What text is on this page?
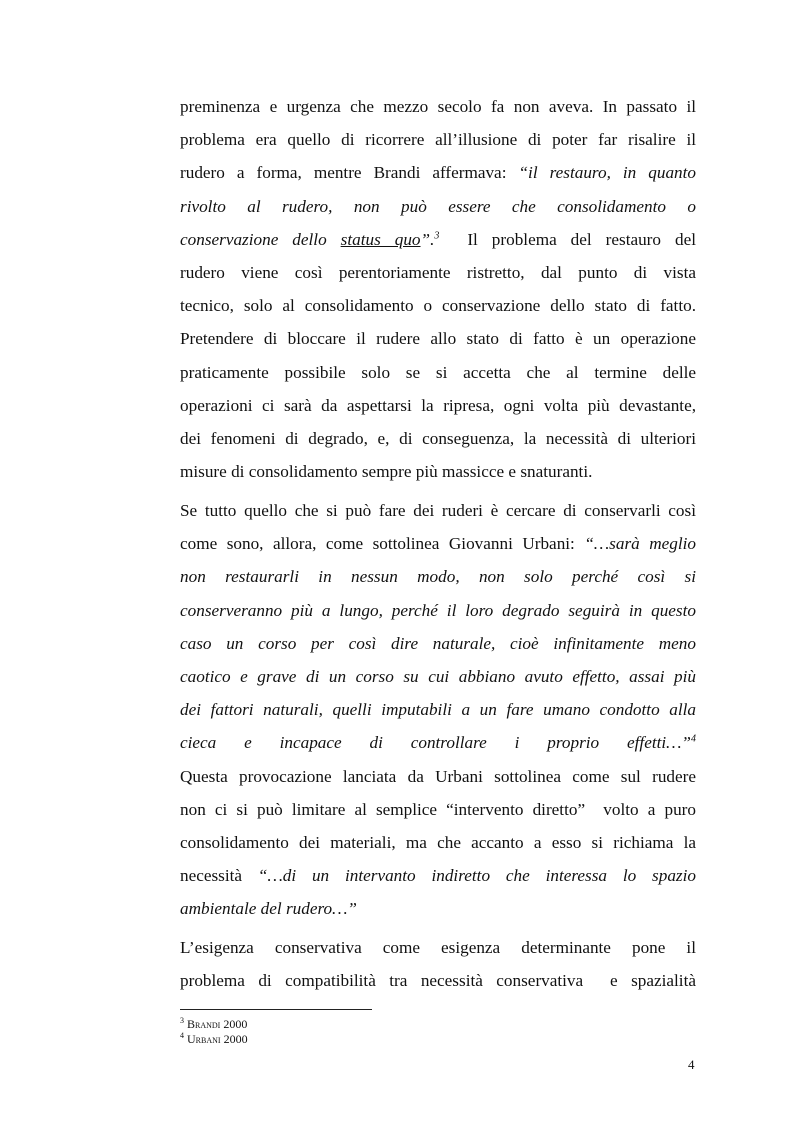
preminenza e urgenza che mezzo secolo fa non aveva. In passato il
problema era quello di ricorrere all’illusione di poter far risalire il
rudero a forma, mentre Brandi affermava: “il restauro, in quanto
rivolto al rudero, non può essere che consolidamento o
conservazione dello status quo”.$^3$  Il problema del restauro del
rudero viene così perentoriamente ristretto, dal punto di vista
tecnico, solo al consolidamento o conservazione dello stato di fatto.
Pretendere di bloccare il rudere allo stato di fatto è un operazione
praticamente possibile solo se si accetta che al termine delle
operazioni ci sarà da aspettarsi la ripresa, ogni volta più devastante,
dei fenomeni di degrado, e, di conseguenza, la necessità di ulteriori
misure di consolidamento sempre più massicce e snaturanti.
Se tutto quello che si può fare dei ruderi è cercare di conservarli così
come sono, allora, come sottolinea Giovanni Urbani: “…sarà meglio
non restaurarli in nessun modo, non solo perché così si
conserveranno più a lungo, perché il loro degrado seguirà in questo
caso un corso per così dire naturale, cioè infinitamente meno
caotico e grave di un corso su cui abbiano avuto effetto, assai più
dei fattori naturali, quelli imputabili a un fare umano condotto alla
cieca e incapace di controllare i proprio effetti…”$^4$
Questa provocazione lanciata da Urbani sottolinea come sul rudere
non ci si può limitare al semplice “intervento diretto”  volto a puro
consolidamento dei materiali, ma che accanto a esso si richiama la
necessità “…di un intervanto indiretto che interessa lo spazio
ambientale del rudero…”
L’esigenza conservativa come esigenza determinante pone il
problema di compatibilità tra necessità conservativa  e spazialità
$^3$ Brandi 2000
$^4$ Urbani 2000
4
